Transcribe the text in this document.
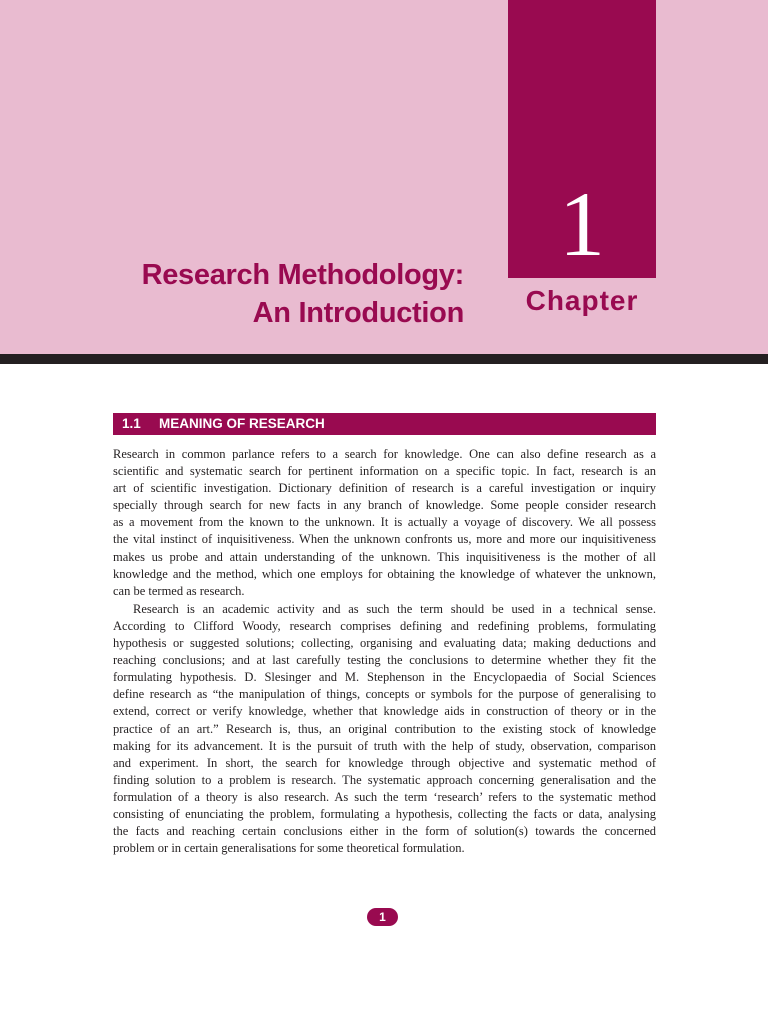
1
Chapter
Research Methodology:
An Introduction
1.1 MEANING OF RESEARCH

Research in common parlance refers to a search for knowledge. One can also define research as a
scientific and systematic search for pertinent information on a specific topic. In fact, research is an
art of scientific investigation. Dictionary definition of research is a careful investigation or inquiry
specially through search for new facts in any branch of knowledge. Some people consider research
as a movement from the known to the unknown. It is actually a voyage of discovery. We all possess
the vital instinct of inquisitiveness. When the unknown confronts us, more and more our inquisitiveness
makes us probe and attain understanding of the unknown. This inquisitiveness is the mother of all
knowledge and the method, which one employs for obtaining the knowledge of whatever the unknown,
can be termed as research.

Research is an academic activity and as such the term should be used in a technical sense.
According to Clifford Woody, research comprises defining and redefining problems, formulating
hypothesis or suggested solutions; collecting, organising and evaluating data; making deductions and
reaching conclusions; and at last carefully testing the conclusions to determine whether they fit the
formulating hypothesis. D. Slesinger and M. Stephenson in the Encyclopaedia of Social Sciences
define research as “the manipulation of things, concepts or symbols for the purpose of generalising to
extend, correct or verify knowledge, whether that knowledge aids in construction of theory or in the
practice of an art.” Research is, thus, an original contribution to the existing stock of knowledge
making for its advancement. It is the pursuit of truth with the help of study, observation, comparison
and experiment. In short, the search for knowledge through objective and systematic method of
finding solution to a problem is research. The systematic approach concerning generalisation and the
formulation of a theory is also research. As such the term ‘research’ refers to the systematic method
consisting of enunciating the problem, formulating a hypothesis, collecting the facts or data, analysing
the facts and reaching certain conclusions either in the form of solution(s) towards the concerned
problem or in certain generalisations for some theoretical formulation.

1
